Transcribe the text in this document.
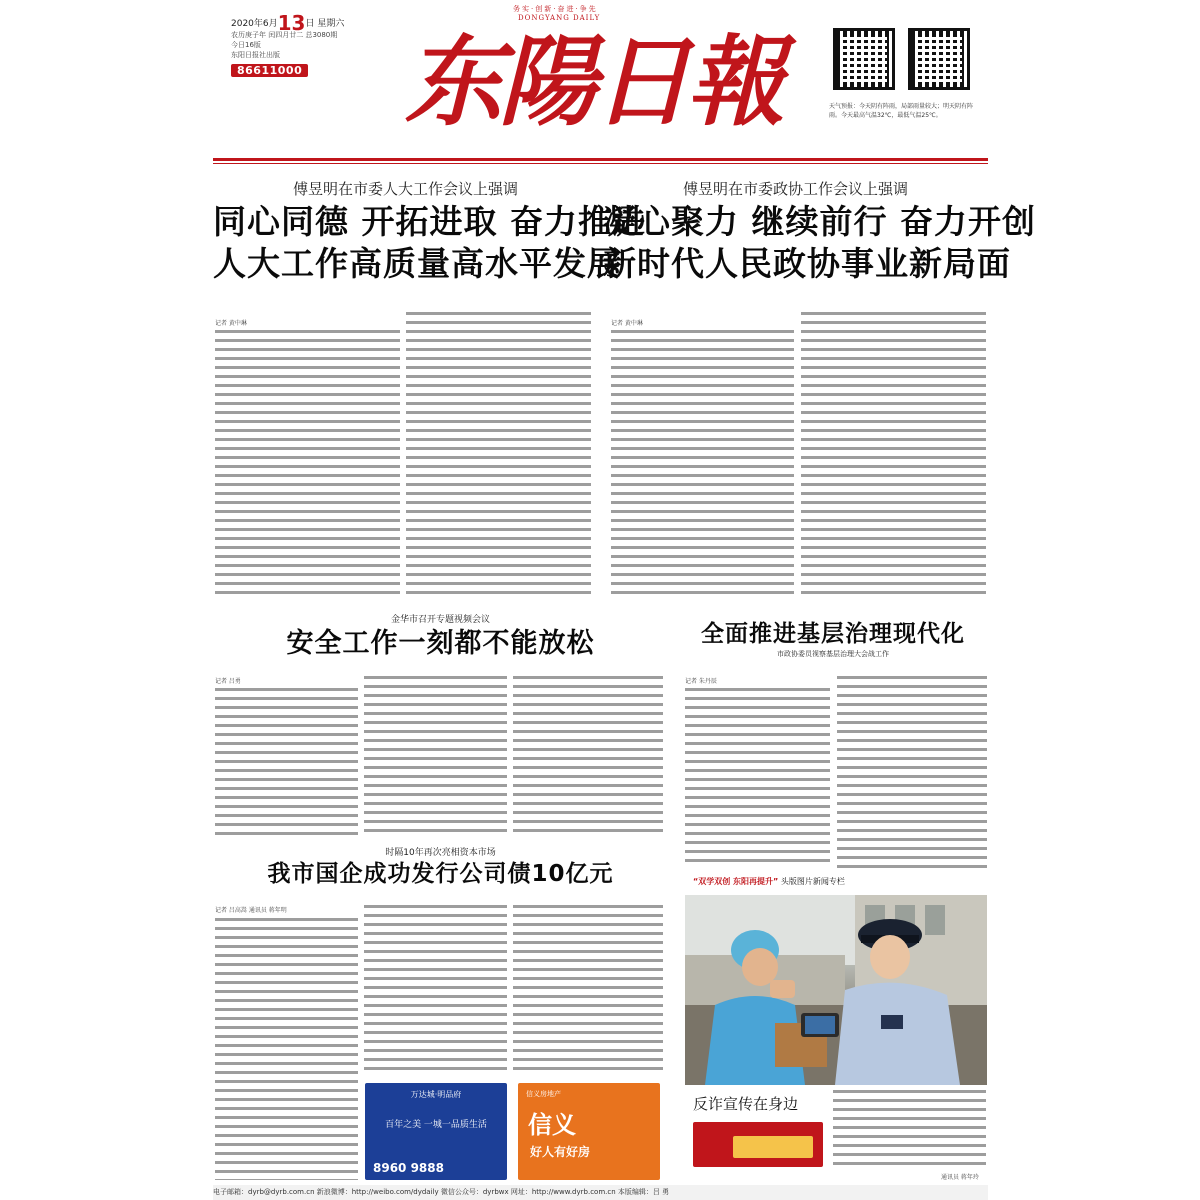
2020年6月13日 星期六
农历庚子年 闰四月廿二 总3080期
今日16版
东阳日报社出版
86611000
务实·创新·奋进·争先
DONGYANG DAILY
东陽日報	天气预报：今天阴有阵雨，局部雨量较大；明天阴有阵雨。今天最高气温32℃，最低气温25℃。
傅昱明在市委人大工作会议上强调
同心同德 开拓进取 奋力推进
人大工作高质量高水平发展
记者 黄中琳
傅昱明在市委政协工作会议上强调
凝心聚力 继续前行 奋力开创
新时代人民政协事业新局面
记者 黄中琳
金华市召开专题视频会议
安全工作一刻都不能放松
记者 吕勇
全面推进基层治理现代化
市政协委员视察基层治理大会战工作
记者 朱丹辰
时隔10年再次亮相资本市场
我市国企成功发行公司债10亿元
记者 吕高嵩 通讯员 蒋年明
“双学双创 东阳再提升” 头版图片新闻专栏
反诈宣传在身边
通讯员 蒋年玲
万达城·明品府
百年之美 一城一品质生活
8960 9888
信义房地产
信义
好人有好房
电子邮箱：dyrb@dyrb.com.cn 新浪微博：http://weibo.com/dydaily 微信公众号：dyrbwx 网址：http://www.dyrb.com.cn 本版编辑：吕 勇
